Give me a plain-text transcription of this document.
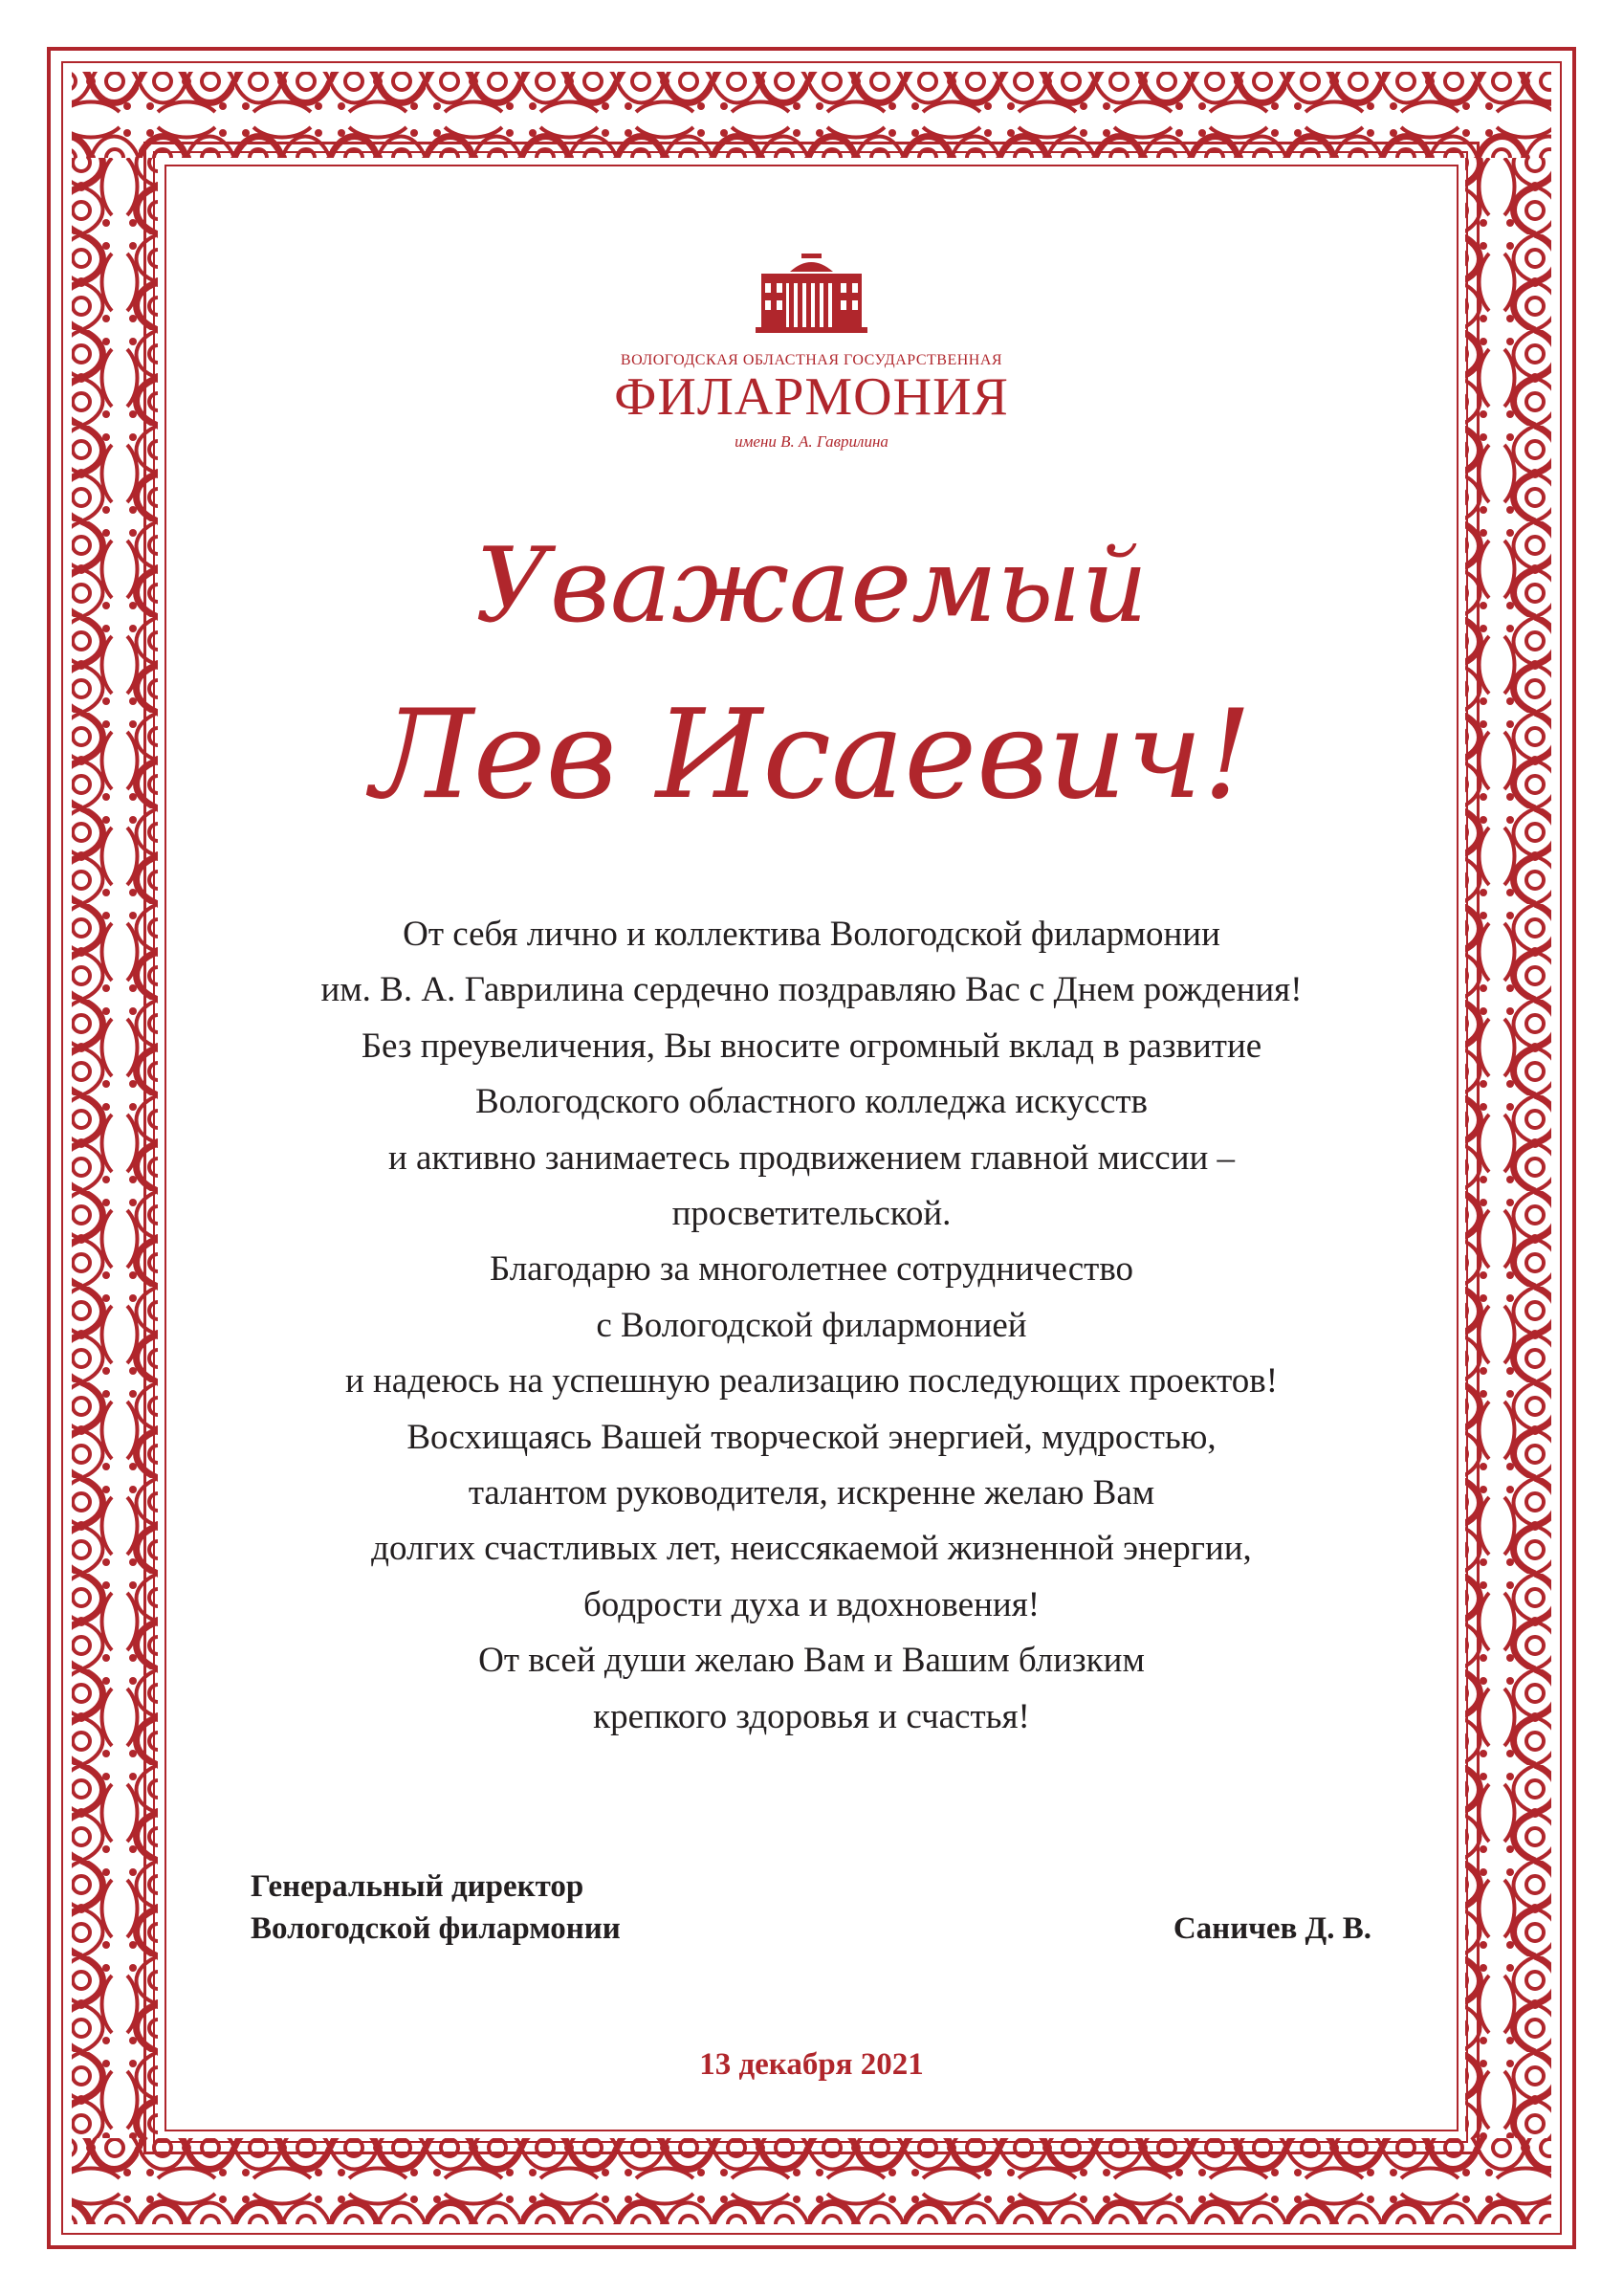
ВОЛОГОДСКАЯ ОБЛАСТНАЯ ГОСУДАРСТВЕННАЯ
ФИЛАРМОНИЯ
имени В. А. Гаврилина
Уважаемый
Лев Исаевич!
От себя лично и коллектива Вологодской филармонии
им. В. А. Гаврилина сердечно поздравляю Вас с Днем рождения!
Без преувеличения, Вы вносите огромный вклад в развитие
Вологодского областного колледжа искусств
и активно занимаетесь продвижением главной миссии –
просветительской.
Благодарю за многолетнее сотрудничество
с Вологодской филармонией
и надеюсь на успешную реализацию последующих проектов!
Восхищаясь Вашей творческой энергией, мудростью,
талантом руководителя, искренне желаю Вам
долгих счастливых лет, неиссякаемой жизненной энергии,
бодрости духа и вдохновения!
От всей души желаю Вам и Вашим близким
крепкого здоровья и счастья!
Генеральный директор
Вологодской филармонии	Саничев Д. В.
13 декабря 2021
